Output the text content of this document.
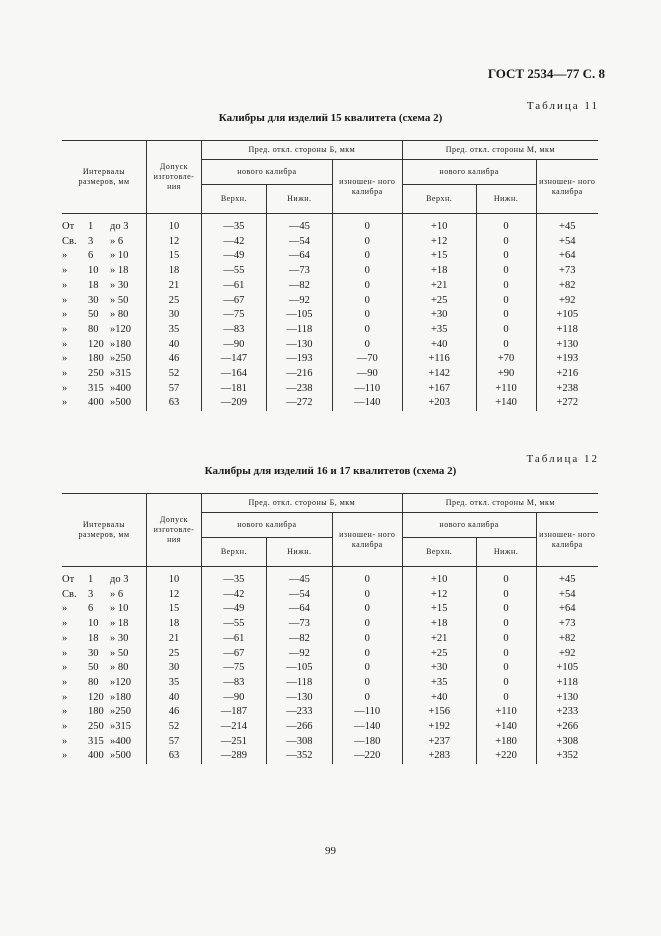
ГОСТ 2534—77 С. 8
Таблица 11
Калибры для изделий 15 квалитета (схема 2)
Интервалы размеров, мм	Допуск изготовле- ния	Пред. откл. стороны Б, мкм			Пред. откл. стороны М, мкм		
		нового калибра		изношен- ного калибра	нового калибра		изношен- ного калибра
		Верхн.	Нижн.		Верхн.	Нижн.	

От 1 до 3	10	—35	—45	0	+10	0	+45

Св. 3 » 6	12	—42	—54	0	+12	0	+54

» 6 » 10	15	—49	—64	0	+15	0	+64

» 10 » 18	18	—55	—73	0	+18	0	+73

» 18 » 30	21	—61	—82	0	+21	0	+82

» 30 » 50	25	—67	—92	0	+25	0	+92

» 50 » 80	30	—75	—105	0	+30	0	+105

» 80 »120	35	—83	—118	0	+35	0	+118

» 120 »180	40	—90	—130	0	+40	0	+130

» 180 »250	46	—147	—193	—70	+116	+70	+193

» 250 »315	52	—164	—216	—90	+142	+90	+216

» 315 »400	57	—181	—238	—110	+167	+110	+238

» 400 »500	63	—209	—272	—140	+203	+140	+272
Таблица 12
Калибры для изделий 16 и 17 квалитетов (схема 2)
Интервалы размеров, мм	Допуск изготовле- ния	Пред. откл. стороны Б, мкм			Пред. откл. стороны М, мкм		
		нового калибра		изношен- ного калибра	нового калибра		изношен- ного калибра
		Верхн.	Нижн.		Верхн.	Нижн.	

От 1 до 3	10	—35	—45	0	+10	0	+45

Св. 3 » 6	12	—42	—54	0	+12	0	+54

» 6 » 10	15	—49	—64	0	+15	0	+64

» 10 » 18	18	—55	—73	0	+18	0	+73

» 18 » 30	21	—61	—82	0	+21	0	+82

» 30 » 50	25	—67	—92	0	+25	0	+92

» 50 » 80	30	—75	—105	0	+30	0	+105

» 80 »120	35	—83	—118	0	+35	0	+118

» 120 »180	40	—90	—130	0	+40	0	+130

» 180 »250	46	—187	—233	—110	+156	+110	+233

» 250 »315	52	—214	—266	—140	+192	+140	+266

» 315 »400	57	—251	—308	—180	+237	+180	+308

» 400 »500	63	—289	—352	—220	+283	+220	+352
99
